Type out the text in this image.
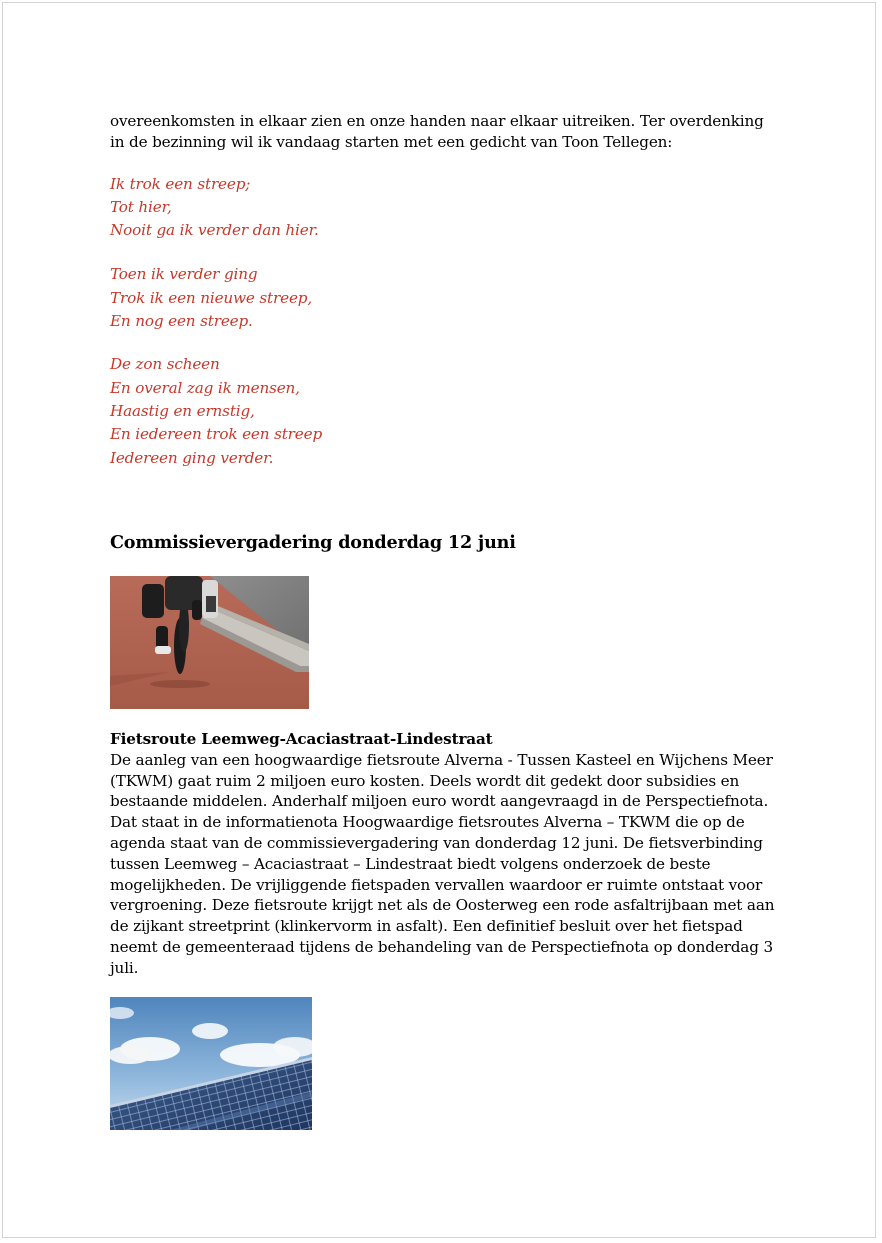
overeenkomsten in elkaar zien en onze handen naar elkaar uitreiken. Ter overdenking
in de bezinning wil ik vandaag starten met een gedicht van Toon Tellegen:

Ik trok een streep;
Tot hier,
Nooit ga ik verder dan hier.
Toen ik verder ging
Trok ik een nieuwe streep,
En nog een streep.
De zon scheen
En overal zag ik mensen,
Haastig en ernstig,
En iedereen trok een streep
Iedereen ging verder.
Commissievergadering donderdag 12 juni
Fietsroute Leemweg-Acaciastraat-Lindestraat

De aanleg van een hoogwaardige fietsroute Alverna - Tussen Kasteel en Wijchens Meer
(TKWM) gaat ruim 2 miljoen euro kosten. Deels wordt dit gedekt door subsidies en
bestaande middelen. Anderhalf miljoen euro wordt aangevraagd in de Perspectiefnota.
Dat staat in de informatienota Hoogwaardige fietsroutes Alverna – TKWM die op de
agenda staat van de commissievergadering van donderdag 12 juni. De fietsverbinding
tussen Leemweg – Acaciastraat – Lindestraat biedt volgens onderzoek de beste
mogelijkheden. De vrijliggende fietspaden vervallen waardoor er ruimte ontstaat voor
vergroening. Deze fietsroute krijgt net als de Oosterweg een rode asfaltrijbaan met aan
de zijkant streetprint (klinkervorm in asfalt). Een definitief besluit over het fietspad
neemt de gemeenteraad tijdens de behandeling van de Perspectiefnota op donderdag 3
juli.
